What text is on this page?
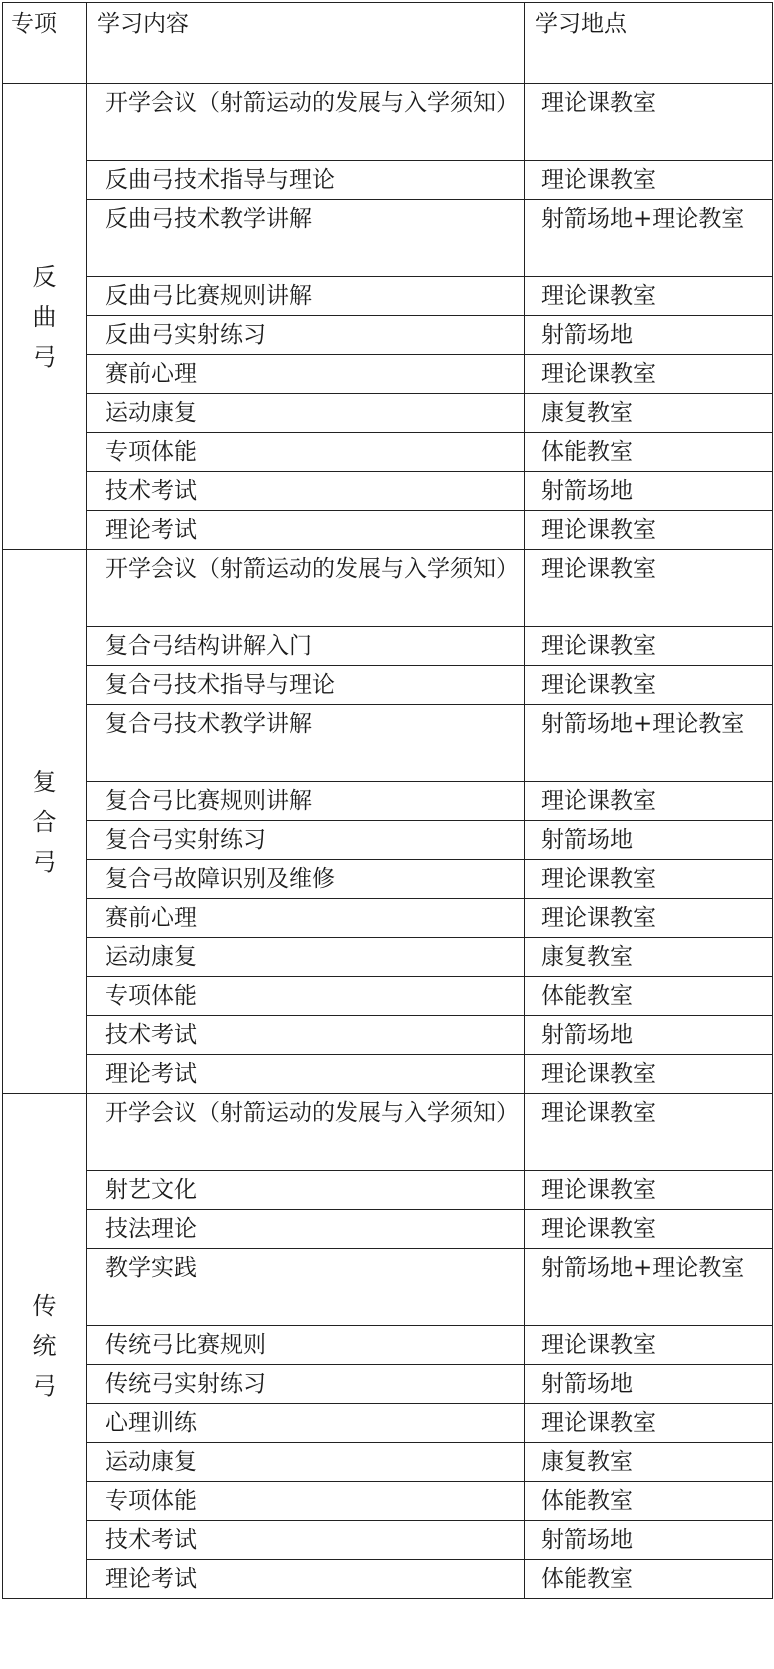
专项	学习内容	学习地点

反
曲
弓	开学会议（射箭运动的发展与入学须知）	理论课教室
	反曲弓技术指导与理论	理论课教室
	反曲弓技术教学讲解	射箭场地+理论教室
	反曲弓比赛规则讲解	理论课教室
	反曲弓实射练习	射箭场地
	赛前心理	理论课教室
	运动康复	康复教室
	专项体能	体能教室
	技术考试	射箭场地
	理论考试	理论课教室

复
合
弓	开学会议（射箭运动的发展与入学须知）	理论课教室
	复合弓结构讲解入门	理论课教室
	复合弓技术指导与理论	理论课教室
	复合弓技术教学讲解	射箭场地+理论教室
	复合弓比赛规则讲解	理论课教室
	复合弓实射练习	射箭场地
	复合弓故障识别及维修	理论课教室
	赛前心理	理论课教室
	运动康复	康复教室
	专项体能	体能教室
	技术考试	射箭场地
	理论考试	理论课教室

传
统
弓	开学会议（射箭运动的发展与入学须知）	理论课教室
	射艺文化	理论课教室
	技法理论	理论课教室
	教学实践	射箭场地+理论教室
	传统弓比赛规则	理论课教室
	传统弓实射练习	射箭场地
	心理训练	理论课教室
	运动康复	康复教室
	专项体能	体能教室
	技术考试	射箭场地
	理论考试	体能教室
